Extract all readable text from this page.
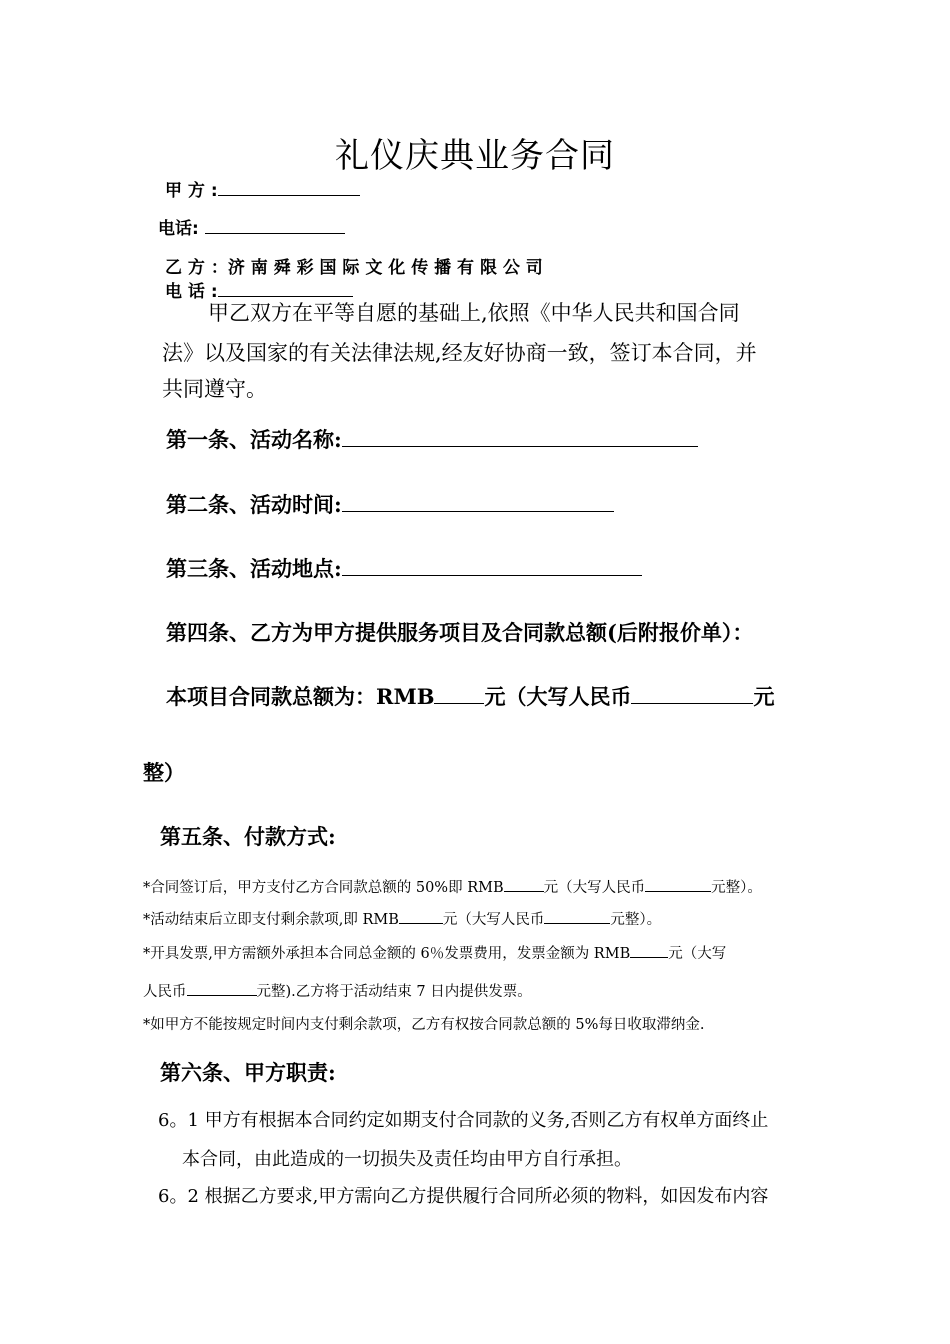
礼仪庆典业务合同
甲 方 :
电话:
乙 方 ：济 南 舜 彩 国 际 文 化 传 播 有 限 公 司
电 话 :
甲乙双方在平等自愿的基础上,依照《中华人民共和国合同
法》以及国家的有关法律法规,经友好协商一致，签订本合同，并
共同遵守。
第一条、活动名称:
第二条、活动时间:
第三条、活动地点:
第四条、乙方为甲方提供服务项目及合同款总额(后附报价单）：
本项目合同款总额为：RMB 元（大写人民币	元
整）
第五条、付款方式:
*合同签订后，甲方支付乙方合同款总额的 50%即 RMB	元（大写人民币	元整）。
*活动结束后立即支付剩余款项,即 RMB	元（大写人民币	元整）。
*开具发票,甲方需额外承担本合同总金额的 6％发票费用，发票金额为 RMB	元（大写
人民币	元整).乙方将于活动结束 7 日内提供发票。
*如甲方不能按规定时间内支付剩余款项，乙方有权按合同款总额的 5%每日收取滞纳金.
第六条、甲方职责:
6。1 甲方有根据本合同约定如期支付合同款的义务,否则乙方有权单方面终止
本合同，由此造成的一切损失及责任均由甲方自行承担。
6。2 根据乙方要求,甲方需向乙方提供履行合同所必须的物料，如因发布内容
